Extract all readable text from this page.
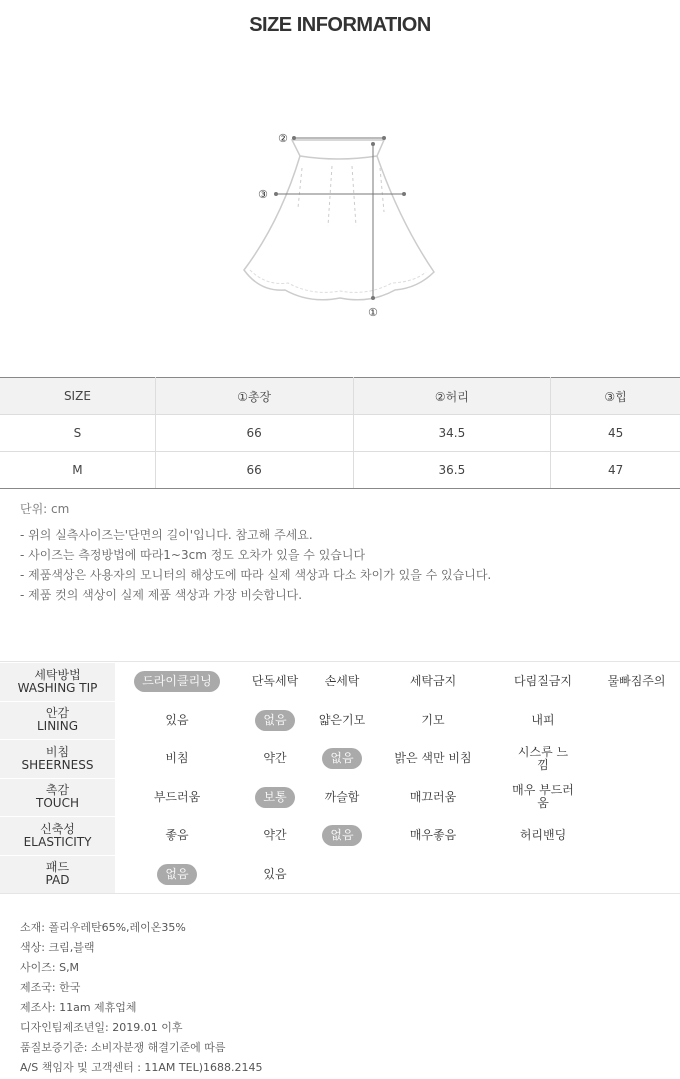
SIZE INFORMATION
②
③
①
SIZE	①총장	②허리	③힙
S	66	34.5	45
M	66	36.5	47
단위: cm
- 위의 실측사이즈는'단면의 길이'입니다. 참고해 주세요.
- 사이즈는 측정방법에 따라1~3cm 정도 오차가 있을 수 있습니다
- 제품색상은 사용자의 모니터의 해상도에 따라 실제 색상과 다소 차이가 있을 수 있습니다.
- 제품 컷의 색상이 실제 제품 색상과 가장 비슷합니다.
세탁방법
WASHING TIP	드라이클리닝	단독세탁	손세탁	세탁금지	다림질금지	물빠짐주의
안감
LINING	있음	없음	얇은기모	기모	내피
비침
SHEERNESS	비침	약간	없음	밝은 색만 비침	시스루 느낌
촉감
TOUCH	부드러움	보통	까슬함	매끄러움	매우 부드러움
신축성
ELASTICITY	좋음	약간	없음	매우좋음	허리밴딩
패드
PAD	없음	있음
소재: 폴리우레탄65%,레이온35%
색상: 크림,블랙
사이즈: S,M
제조국: 한국
제조사: 11am 제휴업체
디자인팀제조년일: 2019.01 이후
품질보증기준: 소비자분쟁 해결기준에 따름
A/S 책임자 및 고객센터 : 11AM TEL)1688.2145
